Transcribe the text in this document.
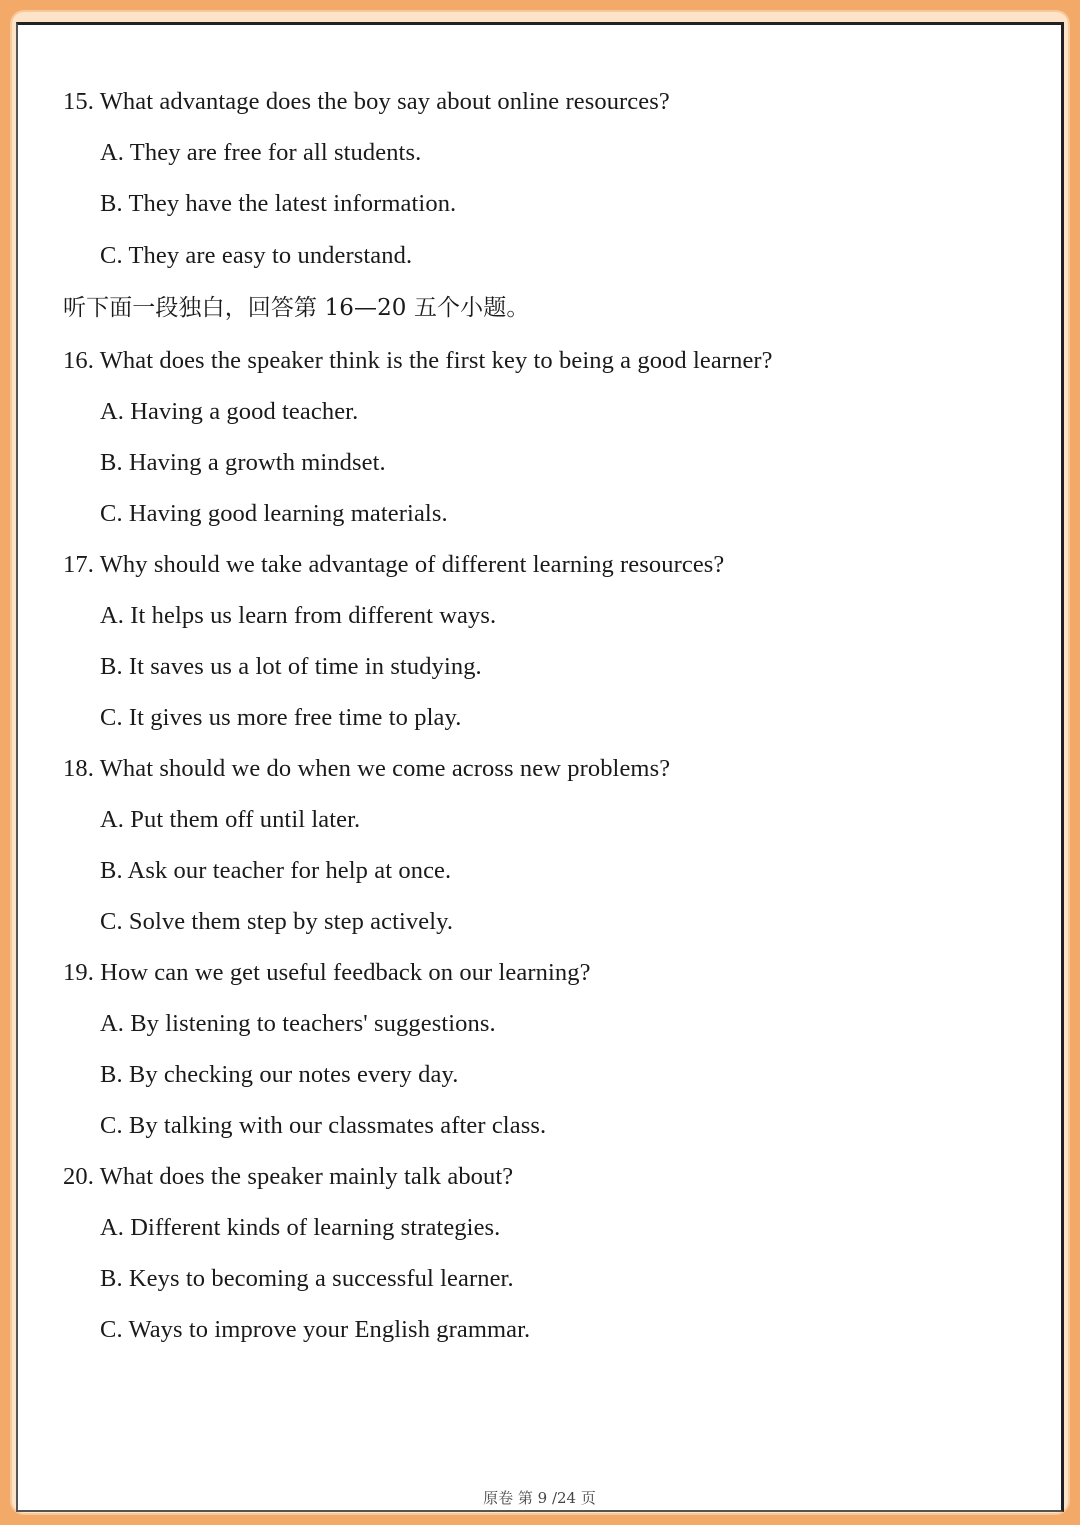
15. What advantage does the boy say about online resources?

A. They are free for all students.

B. They have the latest information.

C. They are easy to understand.

听下面一段独白，回答第 16—20 五个小题。

16. What does the speaker think is the first key to being a good learner?

A. Having a good teacher.

B. Having a growth mindset.

C. Having good learning materials.

17. Why should we take advantage of different learning resources?

A. It helps us learn from different ways.

B. It saves us a lot of time in studying.

C. It gives us more free time to play.

18. What should we do when we come across new problems?

A. Put them off until later.

B. Ask our teacher for help at once.

C. Solve them step by step actively.

19. How can we get useful feedback on our learning?

A. By listening to teachers' suggestions.

B. By checking our notes every day.

C. By talking with our classmates after class.

20. What does the speaker mainly talk about?

A. Different kinds of learning strategies.

B. Keys to becoming a successful learner.

C. Ways to improve your English grammar.

原卷 第 9 /24 页
